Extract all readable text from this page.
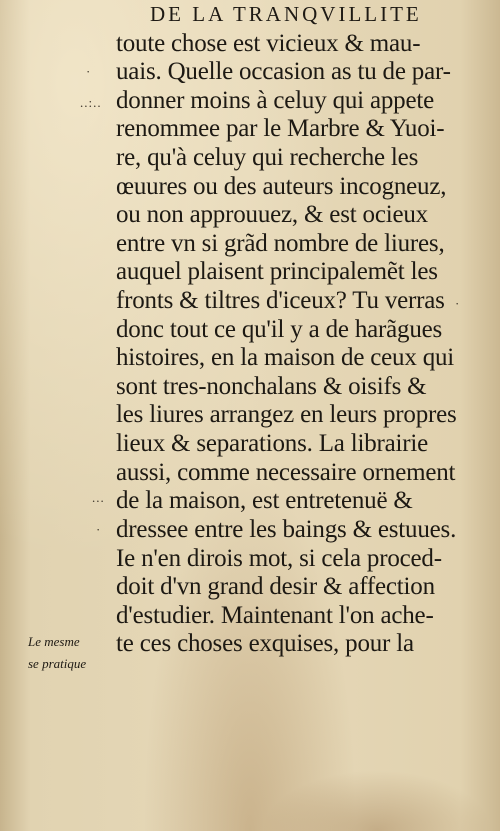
DE LA TRANQVILLITE
toute chose est vicieux & mau-
uais. Quelle occasion as tu de par-
donner moins à celuy qui appete
renommee par le Marbre & Yuoi-
re, qu'à celuy qui recherche les
œuures ou des auteurs incogneuz,
ou non approuuez, & est ocieux
entre vn si grãd nombre de liures,
auquel plaisent principalemẽt les
fronts & tiltres d'iceux? Tu verras
donc tout ce qu'il y a de harãgues
histoires, en la maison de ceux qui
sont tres-nonchalans & oisifs &
les liures arrangez en leurs propres
lieux & separations. La librairie
aussi, comme necessaire ornement
de la maison, est entretenuë &
dressee entre les baings & estuues.
Ie n'en dirois mot, si cela proced-
doit d'vn grand desir & affection
d'estudier. Maintenant l'on ache-
te ces choses exquises, pour la
Le mesme
se pratique
·
..:..
...
·
·
